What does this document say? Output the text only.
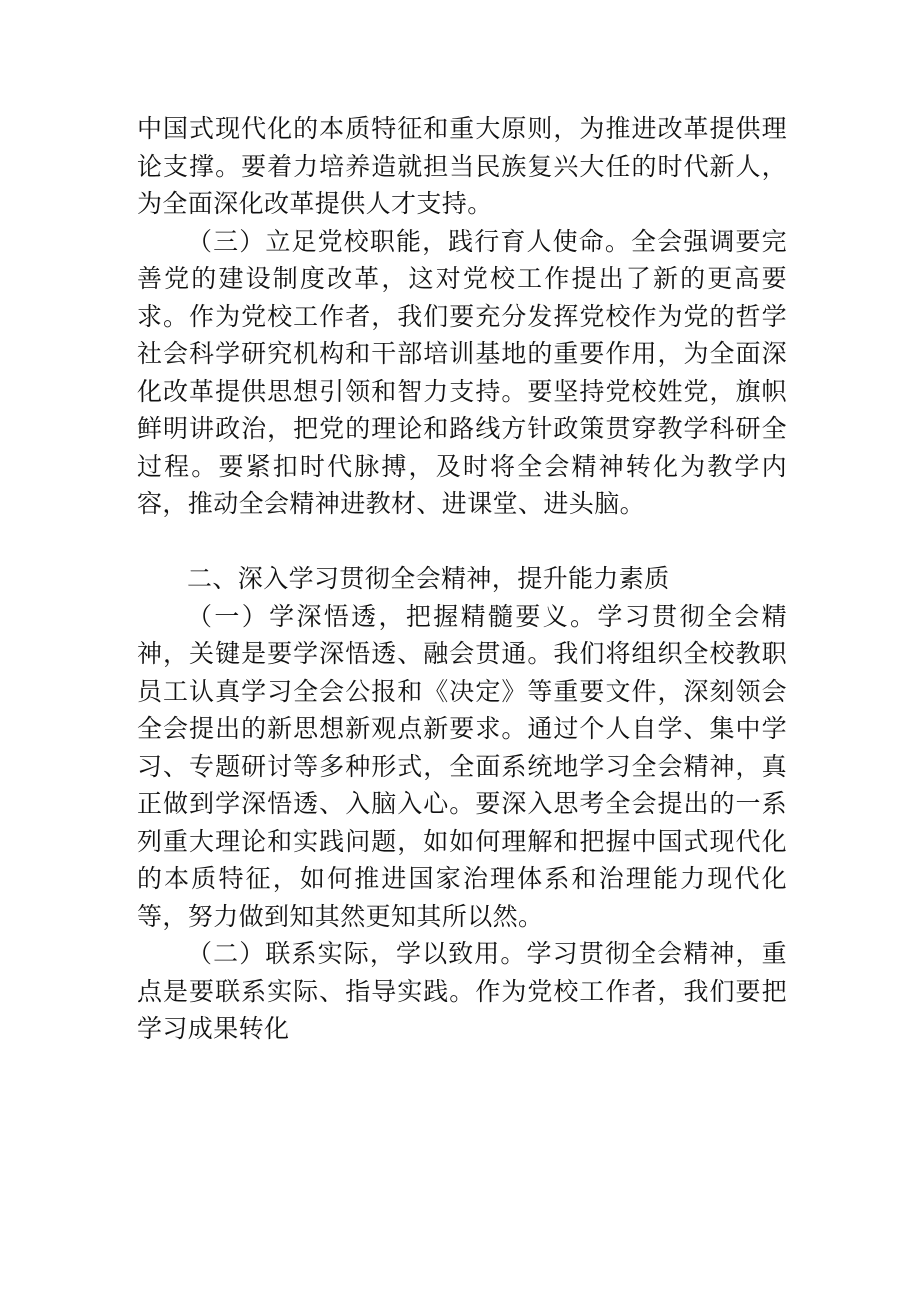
中国式现代化的本质特征和重大原则，为推进改革提供理论支撑。要着力培养造就担当民族复兴大任的时代新人，为全面深化改革提供人才支持。

（三）立足党校职能，践行育人使命。全会强调要完善党的建设制度改革，这对党校工作提出了新的更高要求。作为党校工作者，我们要充分发挥党校作为党的哲学社会科学研究机构和干部培训基地的重要作用，为全面深化改革提供思想引领和智力支持。要坚持党校姓党，旗帜鲜明讲政治，把党的理论和路线方针政策贯穿教学科研全过程。要紧扣时代脉搏，及时将全会精神转化为教学内容，推动全会精神进教材、进课堂、进头脑。

二、深入学习贯彻全会精神，提升能力素质

（一）学深悟透，把握精髓要义。学习贯彻全会精神，关键是要学深悟透、融会贯通。我们将组织全校教职员工认真学习全会公报和《决定》等重要文件，深刻领会全会提出的新思想新观点新要求。通过个人自学、集中学习、专题研讨等多种形式，全面系统地学习全会精神，真正做到学深悟透、入脑入心。要深入思考全会提出的一系列重大理论和实践问题，如如何理解和把握中国式现代化的本质特征，如何推进国家治理体系和治理能力现代化等，努力做到知其然更知其所以然。

（二）联系实际，学以致用。学习贯彻全会精神，重点是要联系实际、指导实践。作为党校工作者，我们要把学习成果转化
